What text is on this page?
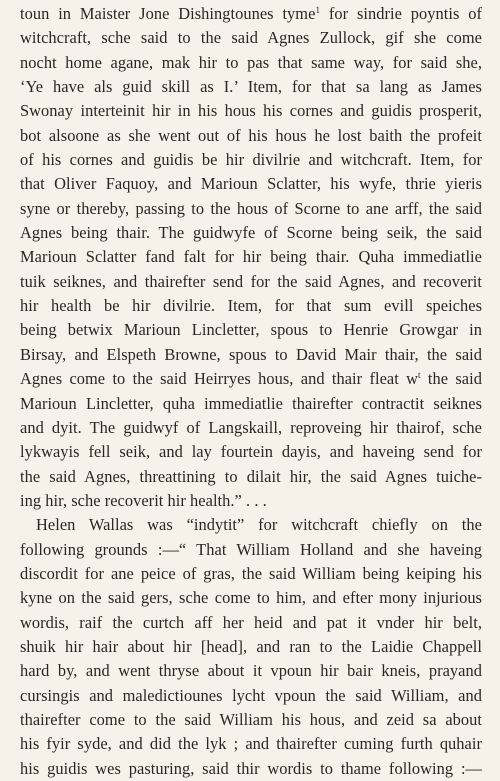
toun in Maister Jone Dishingtounes tyme$^1$ for sindrie poyntis of
witchcraft, sche said to the said Agnes Zullock, gif she come
nocht home agane, mak hir to pas that same way, for said she,
‘Ye have als guid skill as I.’ Item, for that sa lang as James
Swonay interteinit hir in his hous his cornes and guidis prosperit,
bot alsoone as she went out of his hous he lost baith the profeit
of his cornes and guidis be hir divilrie and witchcraft. Item, for
that Oliver Faquoy, and Marioun Sclatter, his wyfe, thrie yieris
syne or thereby, passing to the hous of Scorne to ane arff, the said
Agnes being thair. The guidwyfe of Scorne being seik, the said
Marioun Sclatter fand falt for hir being thair. Quha immediatlie
tuik seiknes, and thairefter send for the said Agnes, and recoverit
hir health be hir divilrie. Item, for that sum evill speiches
being betwix Marioun Lincletter, spous to Henrie Growgar in
Birsay, and Elspeth Browne, spous to David Mair thair, the said
Agnes come to the said Heirryes hous, and thair fleat $w^t$ the said
Marioun Lincletter, quha immediatlie thairefter contractit seiknes
and dyit. The guidwyf of Langskaill, reproveing hir thairof, sche
lykwayis fell seik, and lay fourtein dayis, and haveing send for
the said Agnes, threattining to dilait hir, the said Agnes tuiche-
ing hir, sche recoverit hir health.” . . .
Helen Wallas was “indytit” for witchcraft chiefly on the
following grounds :—“ That William Holland and she haveing
discordit for ane peice of gras, the said William being keiping his
kyne on the said gers, sche come to him, and efter mony injurious
wordis, raif the curtch aff her heid and pat it vnder hir belt,
shuik hir hair about hir [head], and ran to the Laidie Chappell
hard by, and went thryse about it vpoun hir bair kneis, prayand
cursingis and maledictiounes lycht vpoun the said William, and
thairefter come to the said William his hous, and zeid sa about
his fyir syde, and did the lyk ; and thairefter cuming furth quhair
his guidis wes pasturing, said thir wordis to thame following :—
